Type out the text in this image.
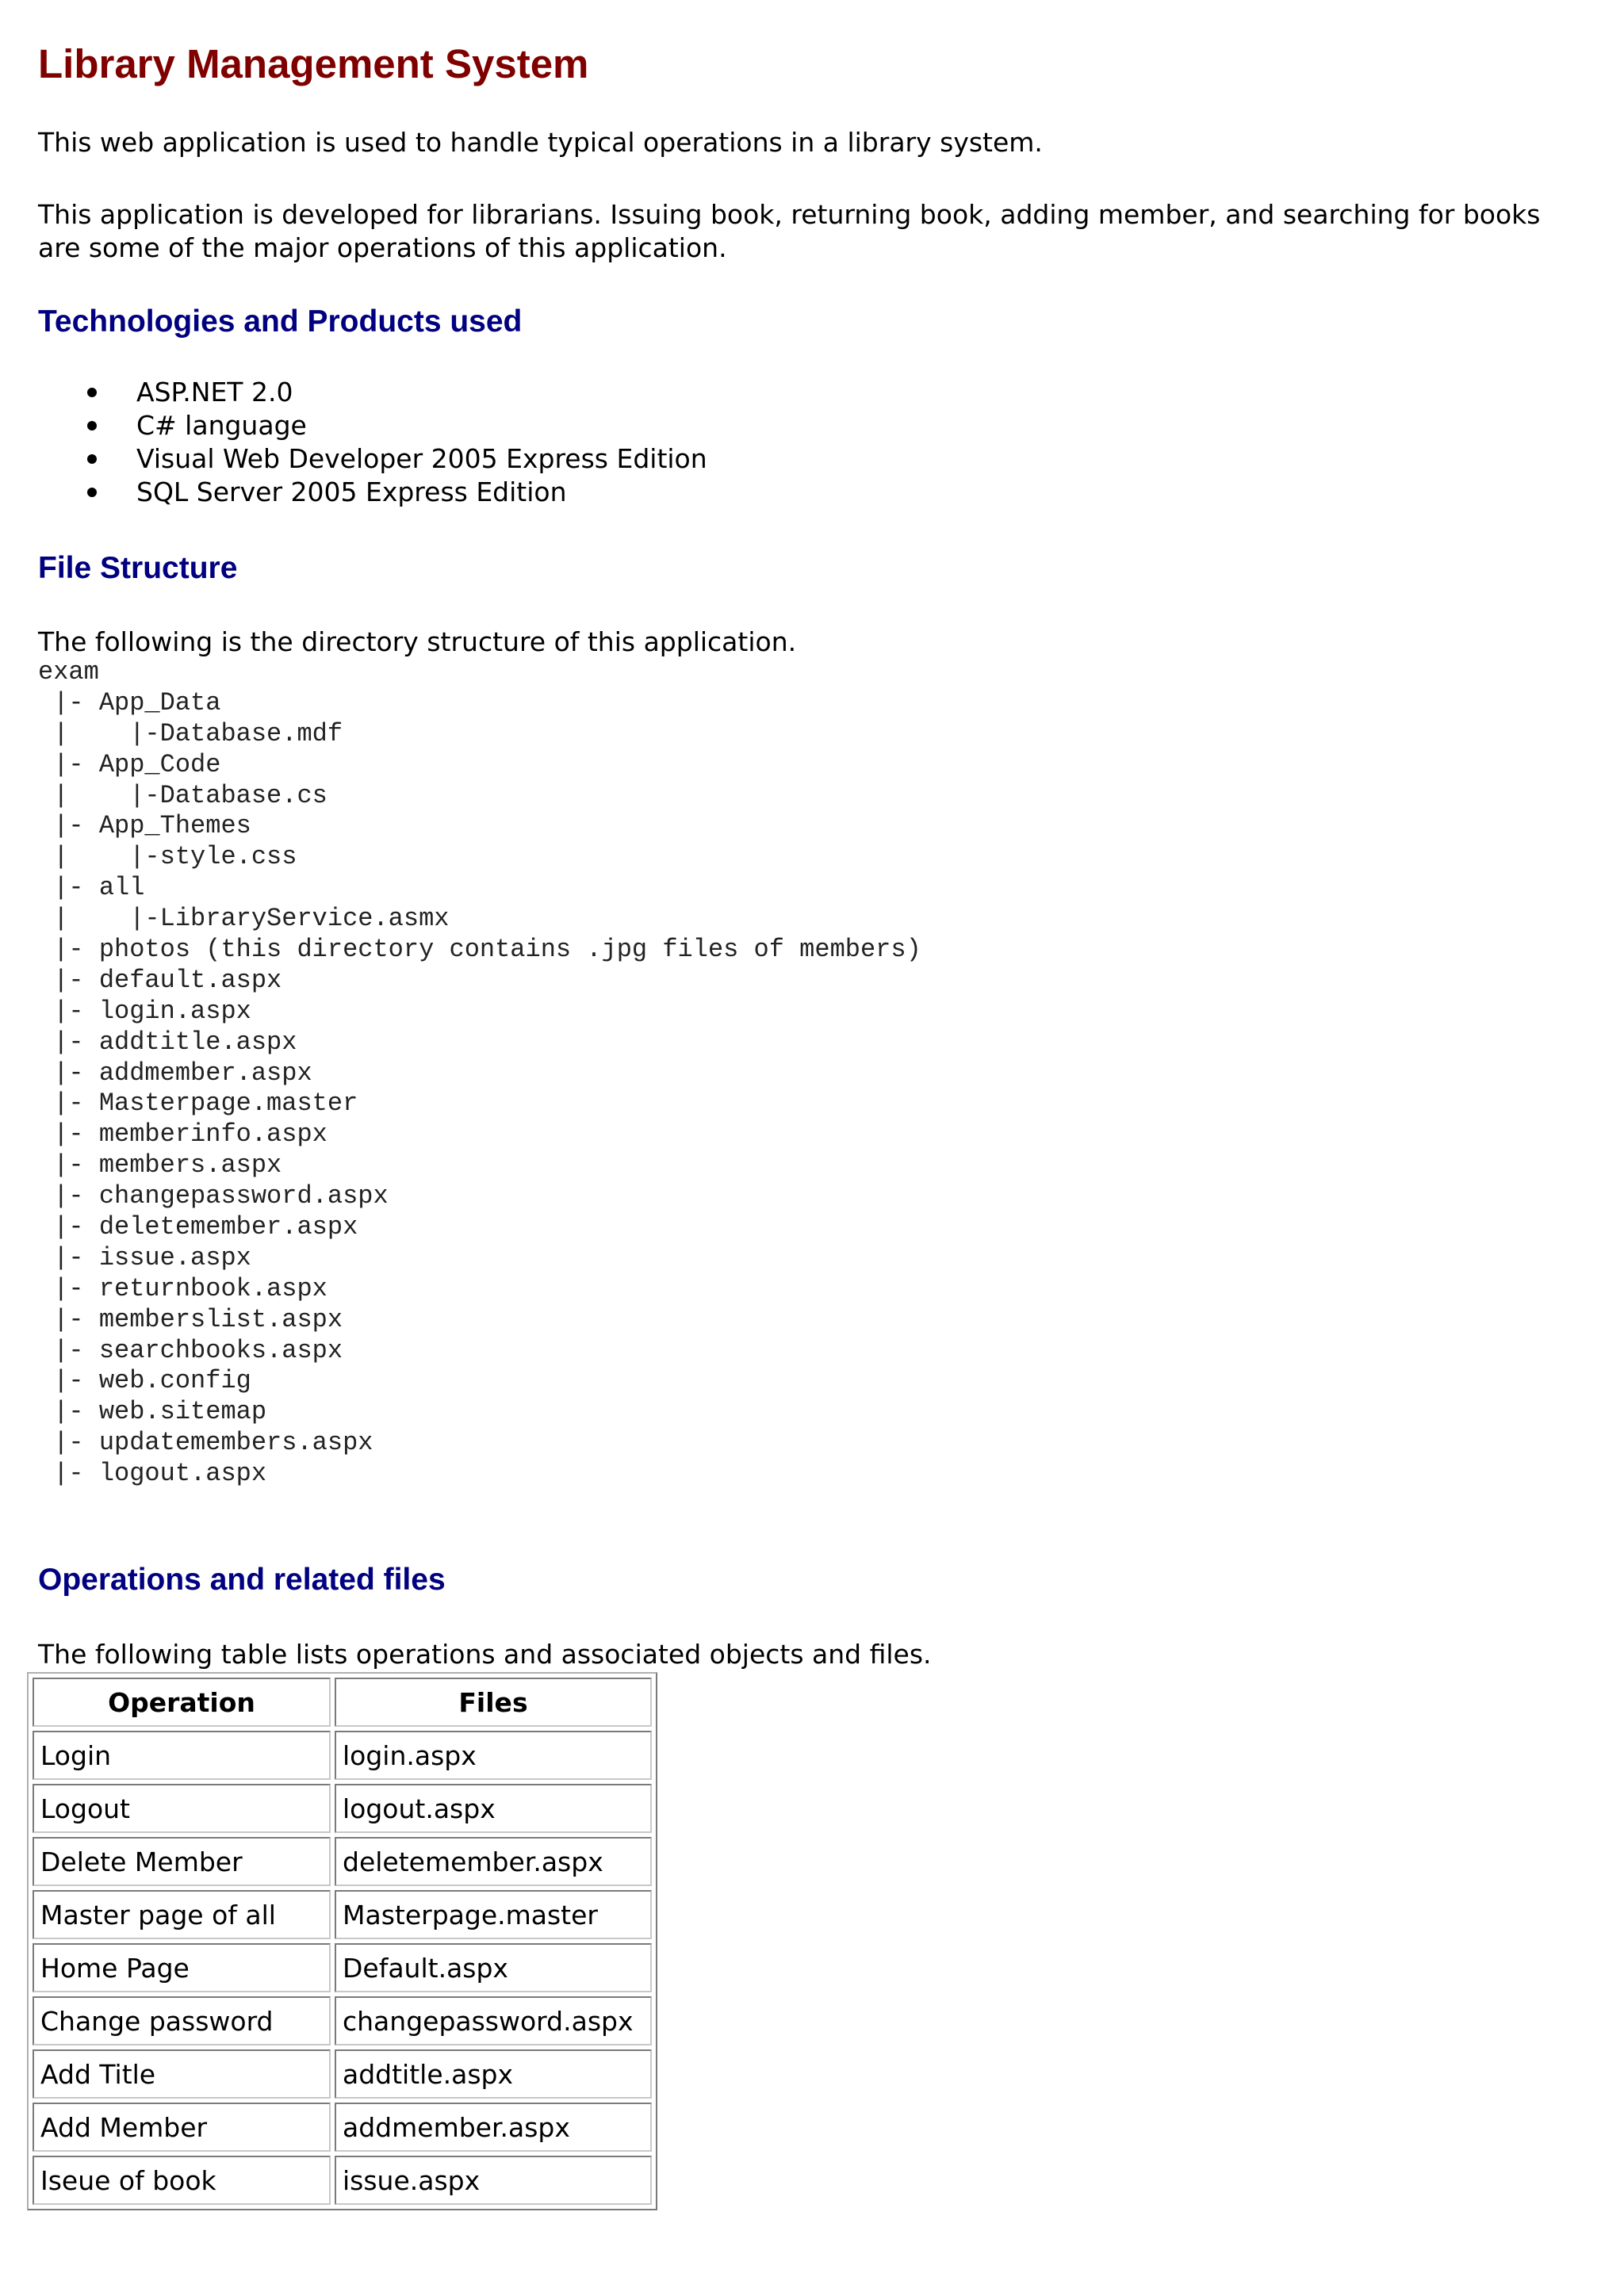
Library Management System

This web application is used to handle typical operations in a library system.

This application is developed for librarians. Issuing book, returning book, adding member, and searching for books are some of the major operations of this application.

Technologies and Products used
ASP.NET 2.0
C# language
Visual Web Developer 2005 Express Edition
SQL Server 2005 Express Edition
File Structure

The following is the directory structure of this application.

exam
|- App_Data
|    |-Database.mdf
|- App_Code
|    |-Database.cs
|- App_Themes
|    |-style.css
|- all
|    |-LibraryService.asmx
|- photos (this directory contains .jpg files of members)
|- default.aspx
|- login.aspx
|- addtitle.aspx
|- addmember.aspx
|- Masterpage.master
|- memberinfo.aspx
|- members.aspx
|- changepassword.aspx
|- deletemember.aspx
|- issue.aspx
|- returnbook.aspx
|- memberslist.aspx
|- searchbooks.aspx
|- web.config
|- web.sitemap
|- updatemembers.aspx
|- logout.aspx
Operations and related files

The following table lists operations and associated objects and files.

Operation	Files
Login	login.aspx
Logout	logout.aspx
Delete Member	deletemember.aspx
Master page of all	Masterpage.master
Home Page	Default.aspx
Change password	changepassword.aspx
Add Title	addtitle.aspx
Add Member	addmember.aspx
Iseue of book	issue.aspx
